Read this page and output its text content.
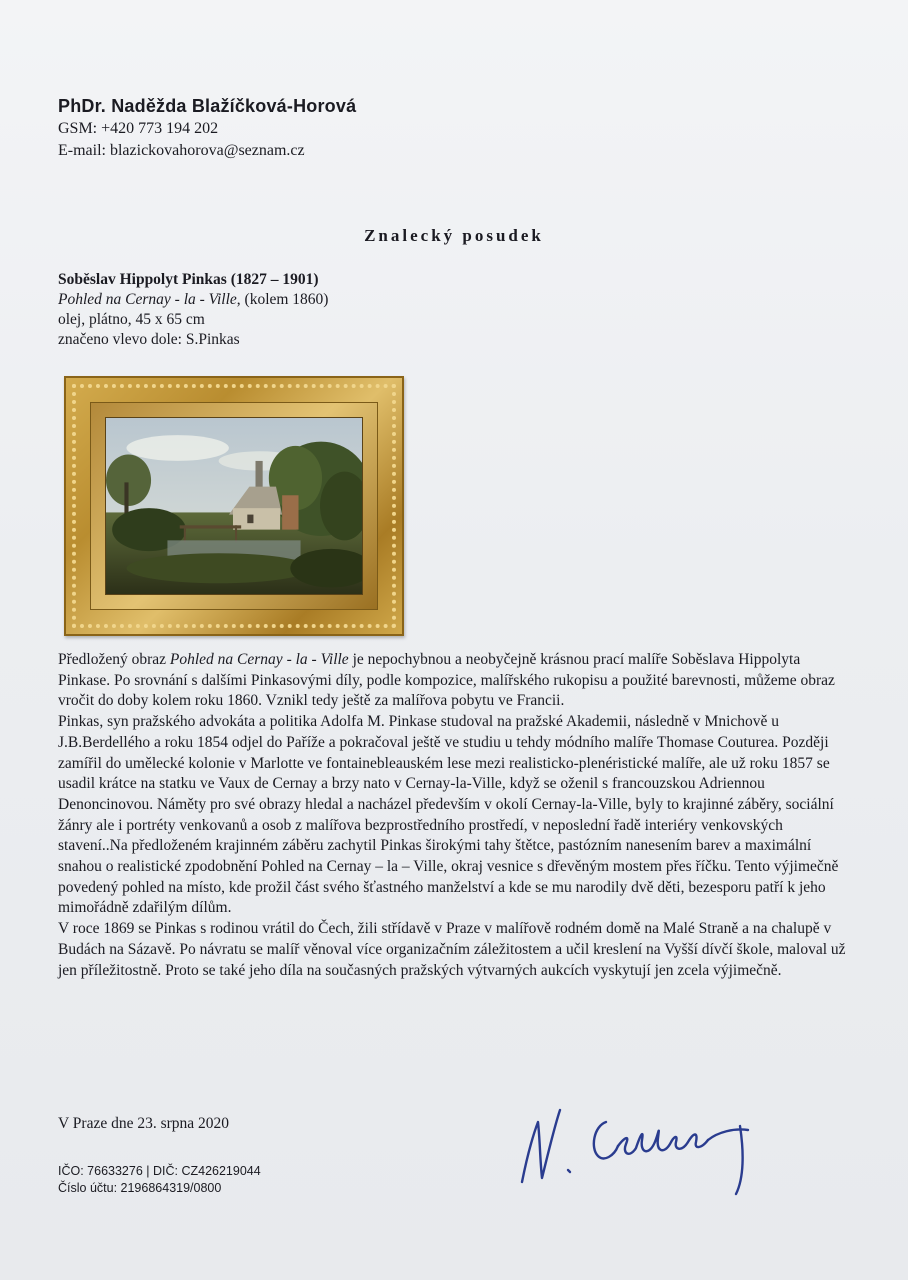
PhDr. Naděžda Blažíčková-Horová
GSM: +420 773 194 202
E-mail: blazickovahorova@seznam.cz
Znalecký posudek
Soběslav Hippolyt Pinkas (1827 – 1901)
Pohled na Cernay - la - Ville, (kolem 1860)
olej, plátno, 45 x 65 cm
značeno vlevo dole: S.Pinkas

Předložený obraz Pohled na Cernay - la - Ville je nepochybnou a neobyčejně krásnou prací malíře Soběslava Hippolyta Pinkase. Po srovnání s dalšími Pinkasovými díly, podle kompozice, malířského rukopisu a použité barevnosti, můžeme obraz vročit do doby kolem roku 1860. Vznikl tedy ještě za malířova pobytu ve Francii.

Pinkas, syn pražského advokáta a politika Adolfa M. Pinkase studoval na pražské Akademii, následně v Mnichově u J.B.Berdellého a roku 1854 odjel do Paříže a pokračoval ještě ve studiu u tehdy módního malíře Thomase Couturea. Později zamířil do umělecké kolonie v Marlotte ve fontainebleauském lese mezi realisticko-plenéristické malíře, ale už roku 1857 se usadil krátce na statku ve Vaux de Cernay a brzy nato v Cernay-la-Ville, když se oženil s francouzskou Adriennou Denoncinovou. Náměty pro své obrazy hledal a nacházel především v okolí Cernay-la-Ville, byly to krajinné záběry, sociální žánry ale i portréty venkovanů a osob z malířova bezprostředního prostředí, v neposlední řadě interiéry venkovských stavení..Na předloženém krajinném záběru zachytil Pinkas širokými tahy štětce, pastózním nanesením barev a maximální snahou o realistické zpodobnění Pohled na Cernay – la – Ville, okraj vesnice s dřevěným mostem přes říčku. Tento výjimečně povedený pohled na místo, kde prožil část svého šťastného manželství a kde se mu narodily dvě děti, bezesporu patří k jeho mimořádně zdařilým dílům.

V roce 1869 se Pinkas s rodinou vrátil do Čech, žili střídavě v Praze v malířově rodném domě na Malé Straně a na chalupě v Budách na Sázavě. Po návratu se malíř věnoval více organizačním záležitostem a učil kreslení na Vyšší dívčí škole, maloval už jen příležitostně. Proto se také jeho díla na současných pražských výtvarných aukcích vyskytují jen zcela výjimečně.

V Praze dne 23. srpna 2020
IČO: 76633276 | DIČ: CZ426219044
Číslo účtu: 2196864319/0800
